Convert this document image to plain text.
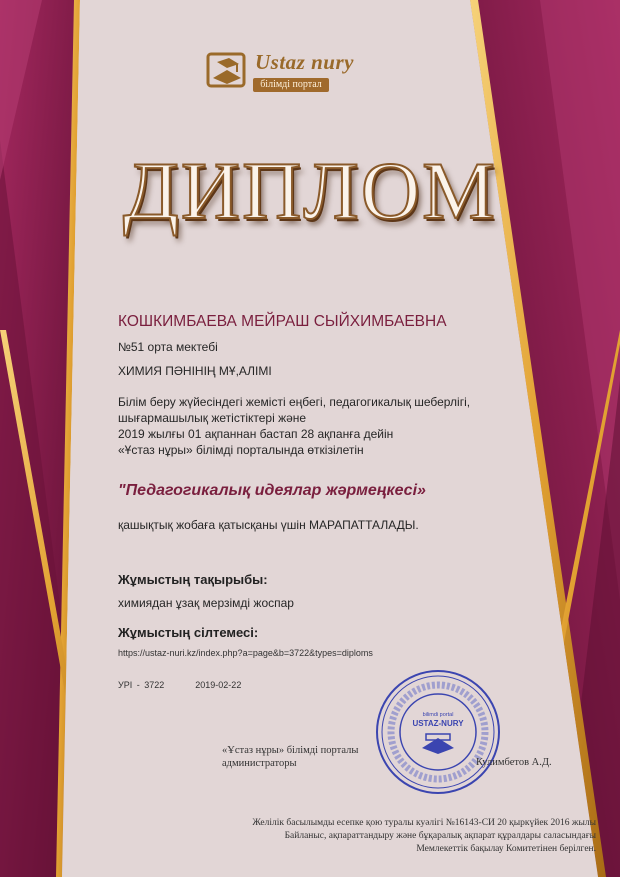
Ustaz nury
білімді портал

ДИПЛОМ

КОШКИМБАЕВА МЕЙРАШ СЫЙХИМБАЕВНА

№51 орта мектебі

ХИМИЯ ПӘНІНІҢ МҰ,АЛІМІ

Білім беру жүйесіндегі жемісті еңбегі, педагогикалық шеберлігі,
шығармашылық жетістіктері және
2019 жылғы 01 ақпаннан бастап 28 ақпанға дейін
«Ұстаз нұры» білімді порталында өткізілетін

"Педагогикалық идеялар жәрмеңкесі»

қашықтық жобаға қатысқаны үшін МАРАПАТТАЛАДЫ.

Жұмыстың тақырыбы:

химиядан ұзақ мерзімді жоспар

Жұмыстың сілтемесі:

https://ustaz-nuri.kz/index.php?a=page&b=3722&types=diploms

УРІ - 3722	2019-02-22

bilimdi portal
USTAZ-NURY
«Ұстаз нұры» білімді порталы
администраторы	Кулимбетов А.Д.

Желілік басылымды есепке қою туралы куәлігі №16143-СИ 20 қыркүйек 2016 жылы
Байланыс, ақпараттандыру және бұқаралық ақпарат құралдары саласындағы
Мемлекеттік бақылау Комитетінен берілген.
